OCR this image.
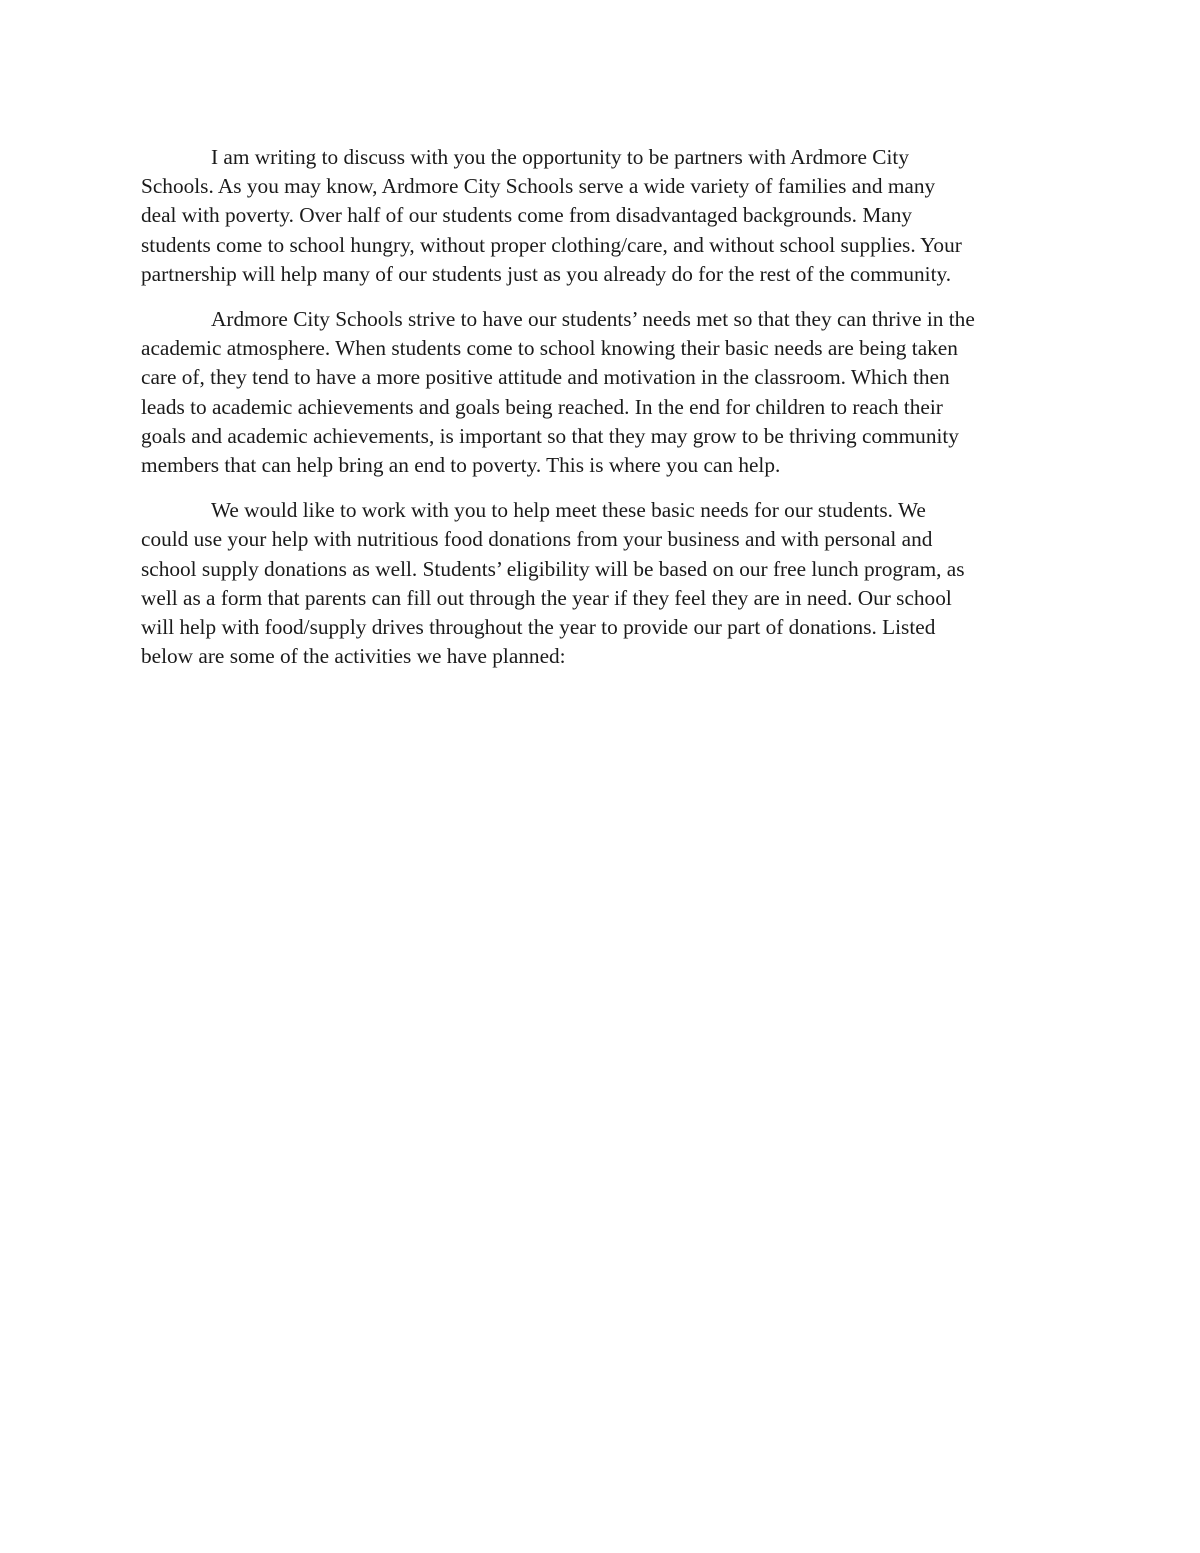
I am writing to discuss with you the opportunity to be partners with Ardmore City
Schools. As you may know, Ardmore City Schools serve a wide variety of families and many
deal with poverty. Over half of our students come from disadvantaged backgrounds. Many
students come to school hungry, without proper clothing/care, and without school supplies. Your
partnership will help many of our students just as you already do for the rest of the community.

Ardmore City Schools strive to have our students’ needs met so that they can thrive in the
academic atmosphere. When students come to school knowing their basic needs are being taken
care of, they tend to have a more positive attitude and motivation in the classroom. Which then
leads to academic achievements and goals being reached. In the end for children to reach their
goals and academic achievements, is important so that they may grow to be thriving community
members that can help bring an end to poverty. This is where you can help.

We would like to work with you to help meet these basic needs for our students. We
could use your help with nutritious food donations from your business and with personal and
school supply donations as well. Students’ eligibility will be based on our free lunch program, as
well as a form that parents can fill out through the year if they feel they are in need. Our school
will help with food/supply drives throughout the year to provide our part of donations. Listed
below are some of the activities we have planned:
